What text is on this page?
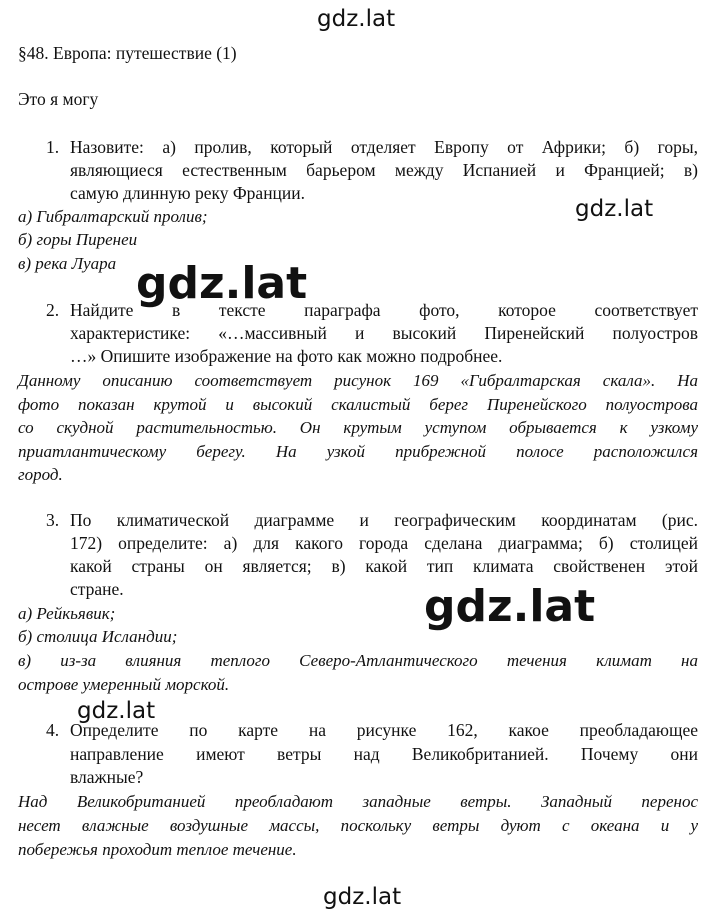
gdz.lat
§48. Европа: путешествие (1)
Это я могу
1. Назовите: а) пролив, который отделяет Европу от Африки; б) горы,
являющиеся естественным барьером между Испанией и Францией; в)
самую длинную реку Франции.
а) Гибралтарский пролив;
б) горы Пиренеи
в) река Луара
gdz.lat
gdz.lat
2. Найдите в тексте параграфа фото, которое соответствует
характеристике: «…массивный и высокий Пиренейский полуостров
…» Опишите изображение на фото как можно подробнее.
Данному описанию соответствует рисунок 169 «Гибралтарская скала». На
фото показан крутой и высокий скалистый берег Пиренейского полуострова
со скудной растительностью. Он крутым уступом обрывается к узкому
приатлантическому берегу. На узкой прибрежной полосе расположился
город.
3. По климатической диаграмме и географическим координатам (рис.
172) определите: а) для какого города сделана диаграмма; б) столицей
какой страны он является; в) какой тип климата свойственен этой
стране.
а) Рейкьявик;
б) столица Исландии;
в) из-за влияния теплого Северо-Атлантического течения климат на
острове умеренный морской.
gdz.lat
gdz.lat
4. Определите по карте на рисунке 162, какое преобладающее
направление имеют ветры над Великобританией. Почему они
влажные?
Над Великобританией преобладают западные ветры. Западный перенос
несет влажные воздушные массы, поскольку ветры дуют с океана и у
побережья проходит теплое течение.
gdz.lat
